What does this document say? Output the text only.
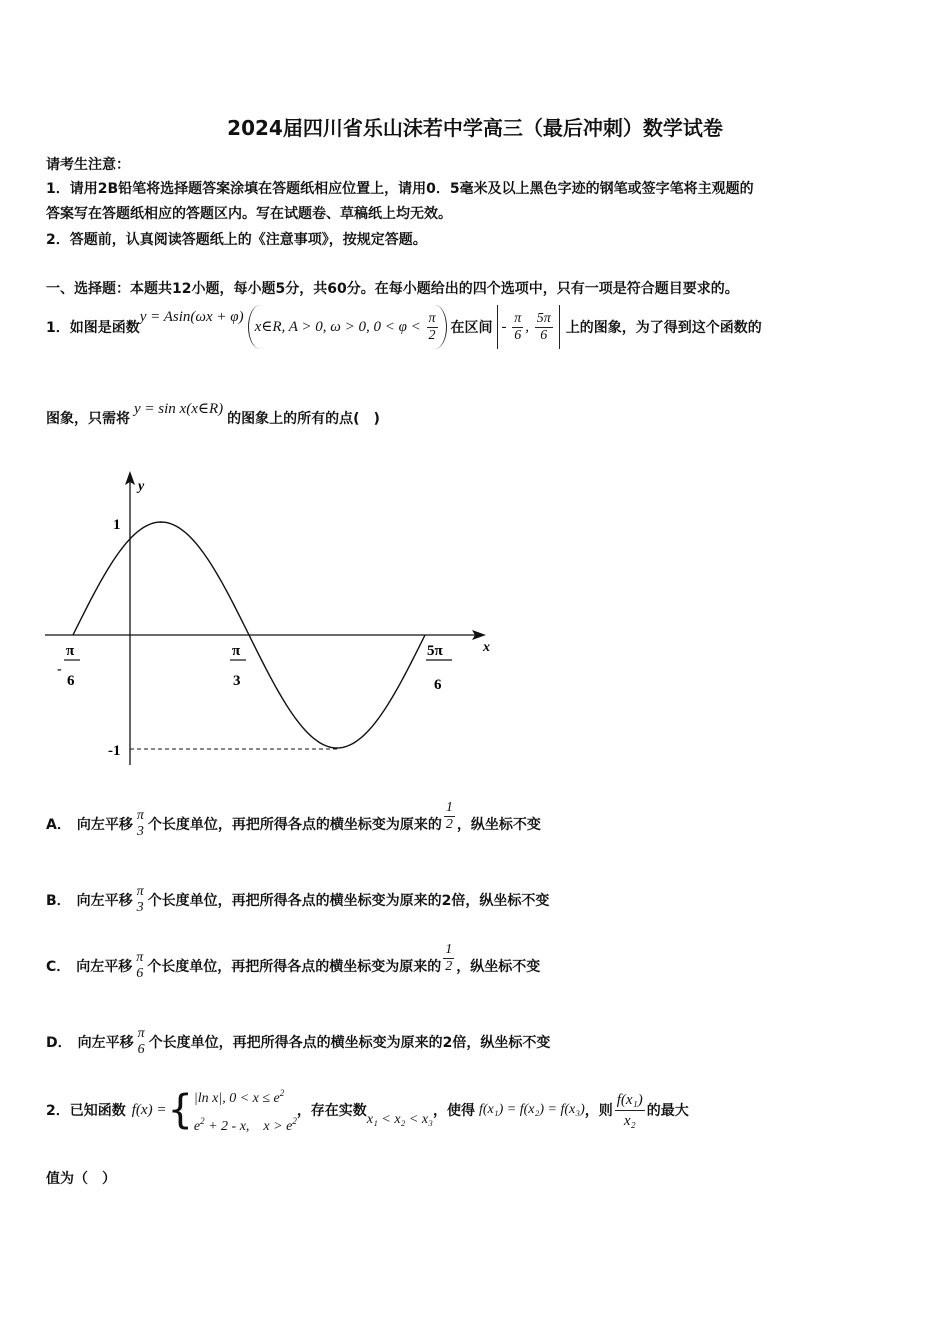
2024届四川省乐山沫若中学高三（最后冲刺）数学试卷
请考生注意：
1．请用2B铅笔将选择题答案涂填在答题纸相应位置上，请用0．5毫米及以上黑色字迹的钢笔或签字笔将主观题的
答案写在答题纸相应的答题区内。写在试题卷、草稿纸上均无效。
2．答题前，认真阅读答题纸上的《注意事项》，按规定答题。
一、选择题：本题共12小题，每小题5分，共60分。在每小题给出的四个选项中，只有一项是符合题目要求的。
1．如图是函数
y = Asin(ωx + φ)
x∈R, A > 0, ω > 0, $0 < \varphi < \frac{\pi}{2}$ 在区间 - $\frac{\pi}{6}$ , $\frac{5\pi}{6}$ 上的图象，为了得到这个函数的
图象，只需将
y = sin x(x∈R)
的图象上的所有的点(　)
y
x
1
-1
-
π
6
π
3
5π
6
A． 向左平移
π
3 个长度单位，再把所得各点的横坐标变为原来的 $\frac{1}{2}$ ，纵坐标不变
B． 向左平移
π
3 个长度单位，再把所得各点的横坐标变为原来的2倍，纵坐标不变
C． 向左平移
π
6 个长度单位，再把所得各点的横坐标变为原来的 $\frac{1}{2}$ ，纵坐标不变
D． 向左平移
π
6 个长度单位，再把所得各点的横坐标变为原来的2倍，纵坐标不变
2．已知函数 f(x) = { |ln x|, $0 < x \le e^2$
$e^2 + 2 - x$,　$x > e^2$
，存在实数
x₁ < x₂ < x₃
，使得 f(x₁) = f(x₂) = f(x₃) ，则 $\frac{\text{f(x₁)}}{\text{x₂}}$ 的最大
值为（　）
